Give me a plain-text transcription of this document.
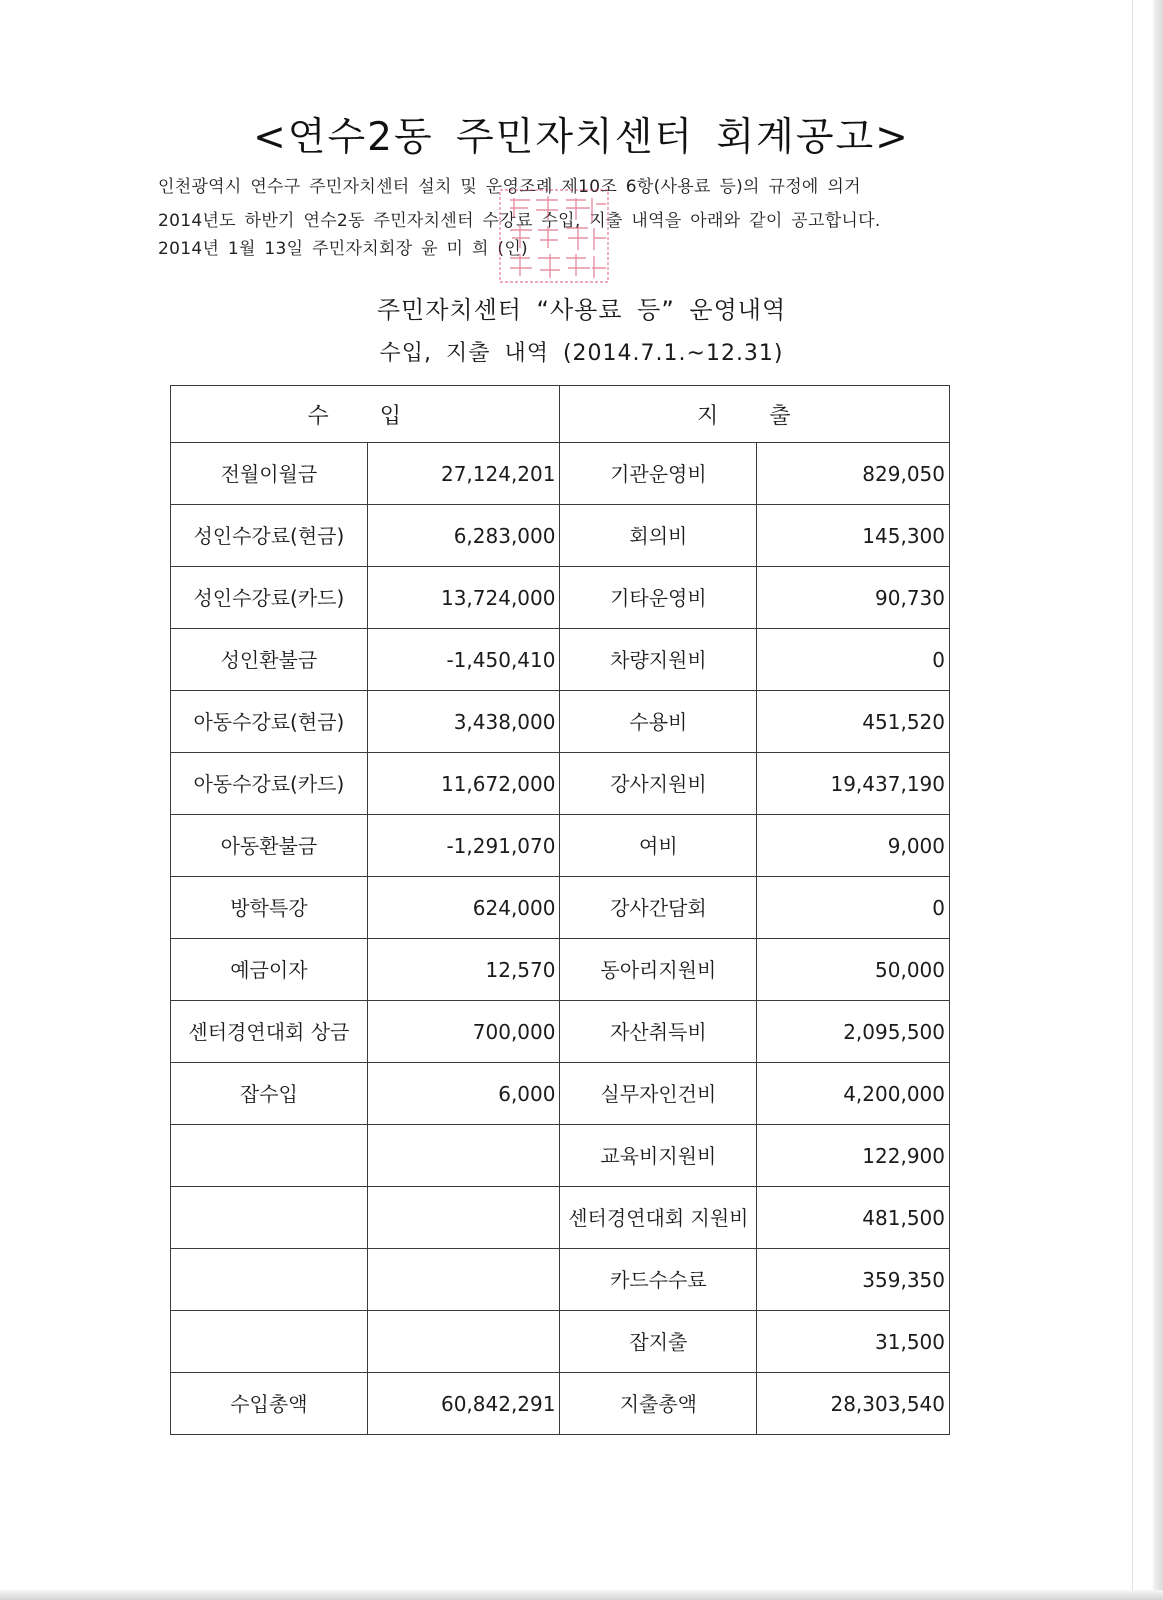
<연수2동 주민자치센터 회계공고>
인천광역시 연수구 주민자치센터 설치 및 운영조례 제10조 6항(사용료 등)의 규정에 의거
2014년도 하반기 연수2동 주민자치센터 수강료 수입, 지출 내역을 아래와 같이 공고합니다.
2014년 1월 13일 주민자치회장 윤 미 희 (인)
주민자치센터 “사용료 등” 운영내역
수입, 지출 내역 (2014.7.1.~12.31)
수 입		지 출	
전월이월금	27,124,201	기관운영비	829,050
성인수강료(현금)	6,283,000	회의비	145,300
성인수강료(카드)	13,724,000	기타운영비	90,730
성인환불금	-1,450,410	차량지원비	0
아동수강료(현금)	3,438,000	수용비	451,520
아동수강료(카드)	11,672,000	강사지원비	19,437,190
아동환불금	-1,291,070	여비	9,000
방학특강	624,000	강사간담회	0
예금이자	12,570	동아리지원비	50,000
센터경연대회 상금	700,000	자산취득비	2,095,500
잡수입	6,000	실무자인건비	4,200,000
		교육비지원비	122,900
		센터경연대회 지원비	481,500
		카드수수료	359,350
		잡지출	31,500
수입총액	60,842,291	지출총액	28,303,540
